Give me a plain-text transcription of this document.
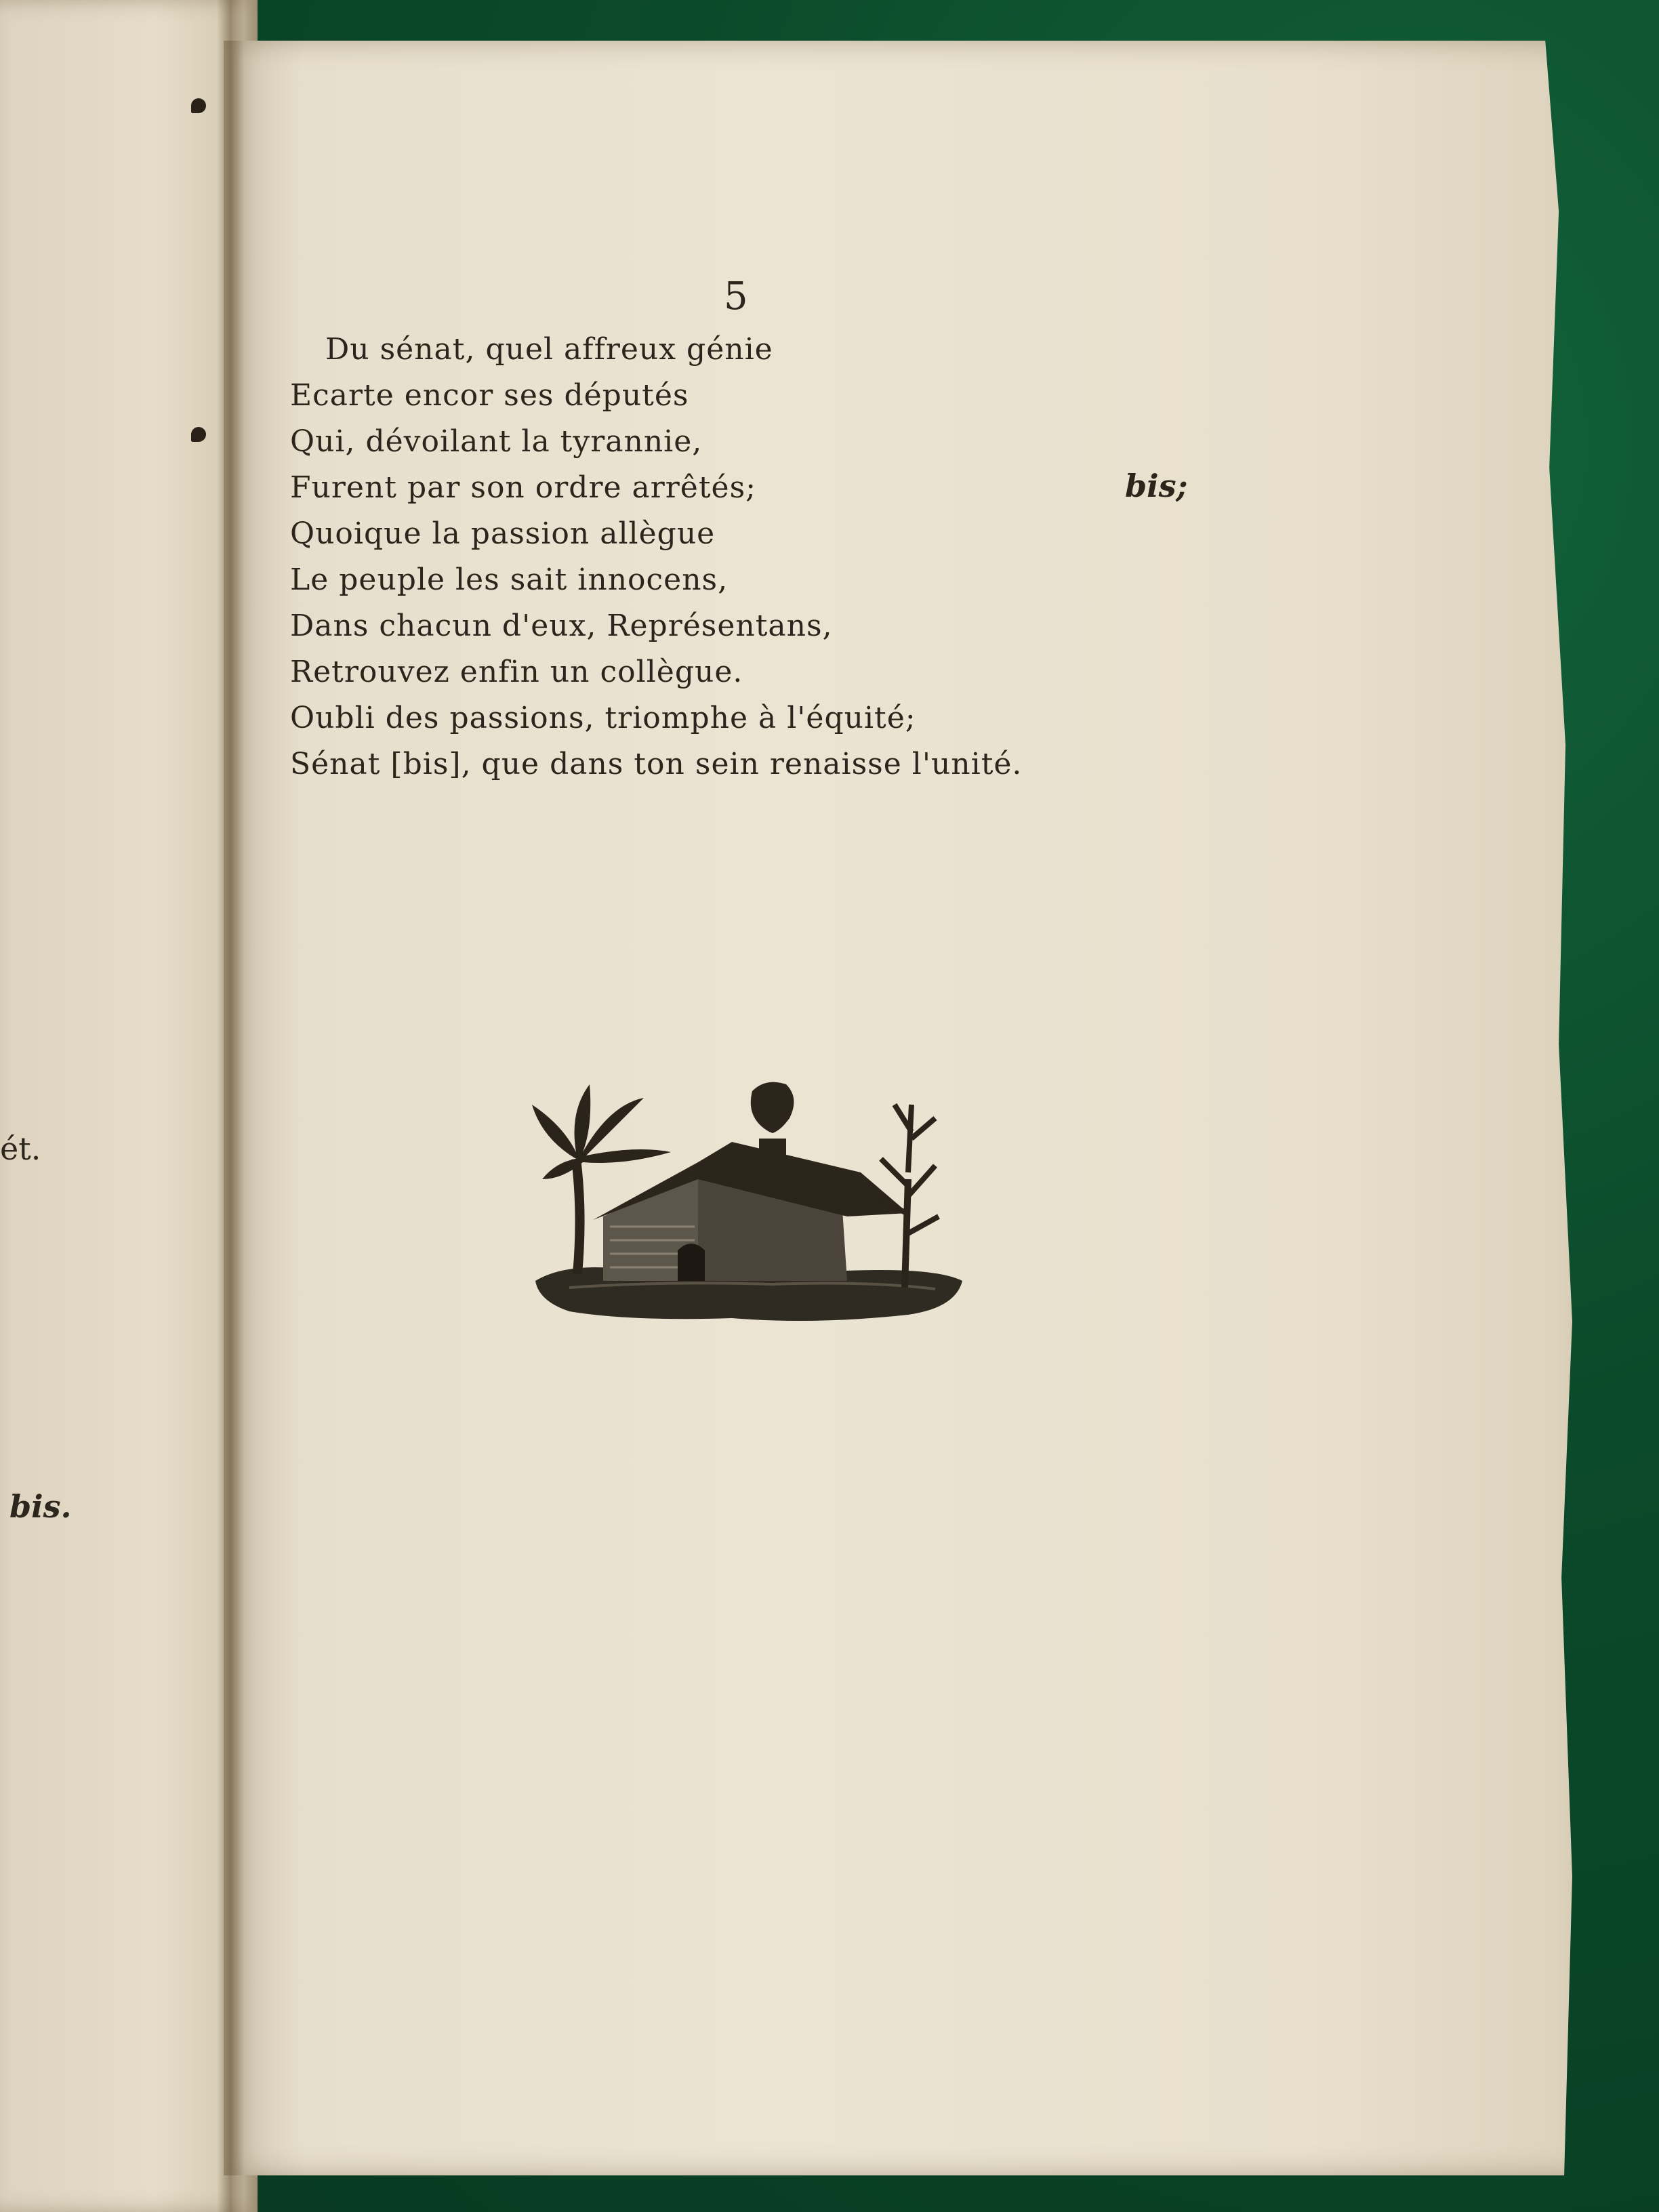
ét.
bis.
5
Du sénat, quel affreux génie
Ecarte encor ses députés
Qui, dévoilant la tyrannie,
Furent par son ordre arrêtés;
Quoique la passion allègue
Le peuple les sait innocens,
Dans chacun d'eux, Représentans,
Retrouvez enfin un collègue.
Oubli des passions, triomphe à l'équité;
Sénat [bis], que dans ton sein renaisse l'unité.
bis;
